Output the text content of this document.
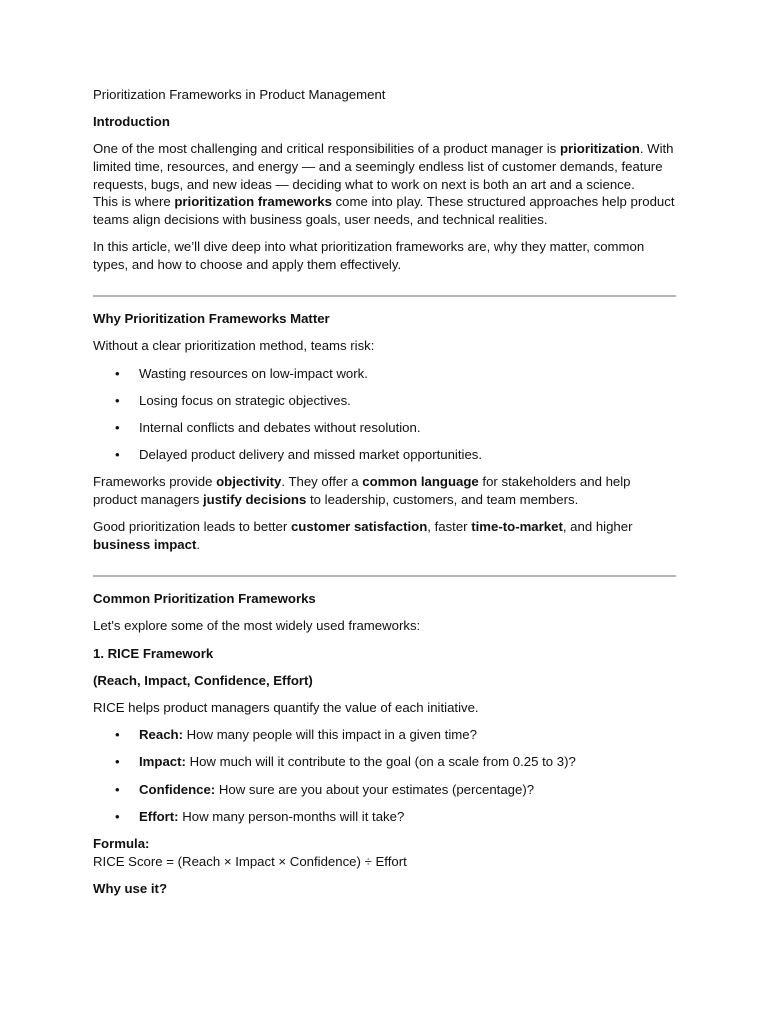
Prioritization Frameworks in Product Management

Introduction

One of the most challenging and critical responsibilities of a product manager is prioritization. With limited time, resources, and energy — and a seemingly endless list of customer demands, feature requests, bugs, and new ideas — deciding what to work on next is both an art and a science.

This is where prioritization frameworks come into play. These structured approaches help product teams align decisions with business goals, user needs, and technical realities.

In this article, we’ll dive deep into what prioritization frameworks are, why they matter, common types, and how to choose and apply them effectively.

Why Prioritization Frameworks Matter

Without a clear prioritization method, teams risk:

• Wasting resources on low-impact work.
• Losing focus on strategic objectives.
• Internal conflicts and debates without resolution.
• Delayed product delivery and missed market opportunities.

Frameworks provide objectivity. They offer a common language for stakeholders and help product managers justify decisions to leadership, customers, and team members.

Good prioritization leads to better customer satisfaction, faster time-to-market, and higher business impact.

Common Prioritization Frameworks

Let's explore some of the most widely used frameworks:

1. RICE Framework

(Reach, Impact, Confidence, Effort)

RICE helps product managers quantify the value of each initiative.

• Reach: How many people will this impact in a given time?
• Impact: How much will it contribute to the goal (on a scale from 0.25 to 3)?
• Confidence: How sure are you about your estimates (percentage)?
• Effort: How many person-months will it take?

Formula:

RICE Score = (Reach × Impact × Confidence) ÷ Effort

Why use it?
